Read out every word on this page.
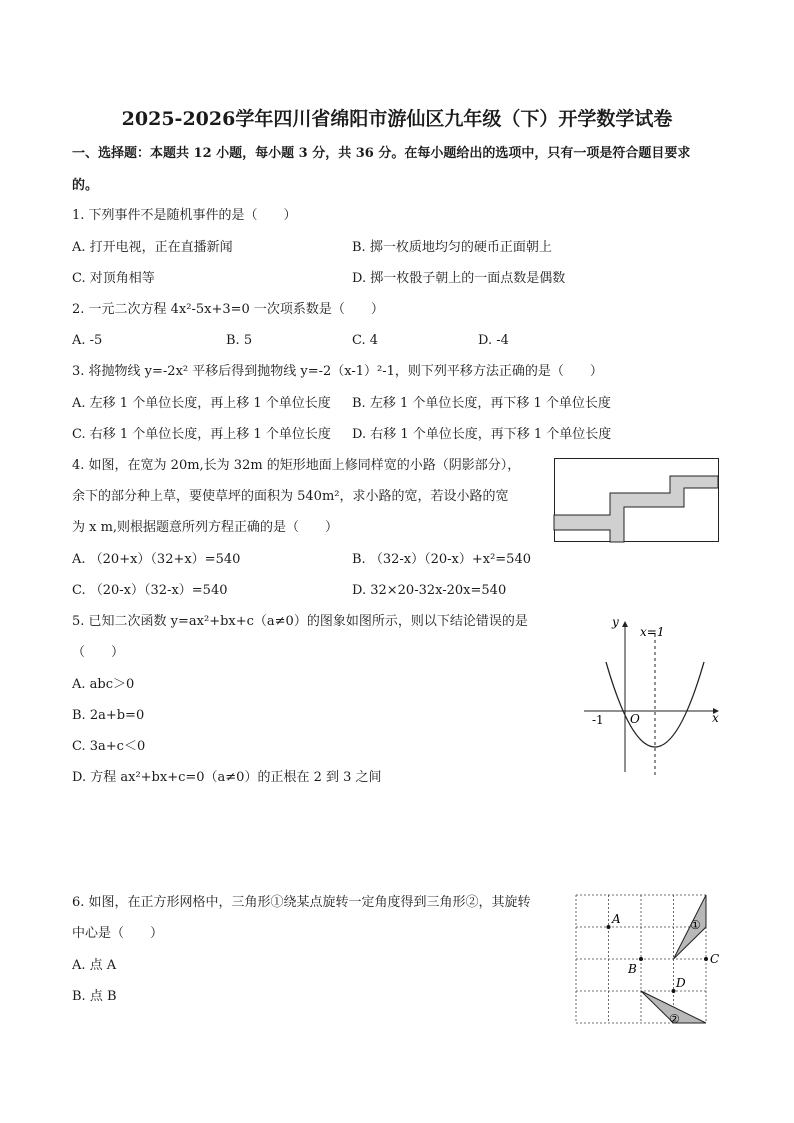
2025-2026学年四川省绵阳市游仙区九年级（下）开学数学试卷
一、选择题：本题共 12 小题，每小题 3 分，共 36 分。在每小题给出的选项中，只有一项是符合题目要求
的。
1. 下列事件不是随机事件的是（　　）
A. 打开电视，正在直播新闻	B. 掷一枚质地均匀的硬币正面朝上
C. 对顶角相等	D. 掷一枚骰子朝上的一面点数是偶数
2. 一元二次方程 4x²-5x+3=0 一次项系数是（　　）
A. -5	B. 5	C. 4	D. -4
3. 将抛物线 y=-2x² 平移后得到抛物线 y=-2（x-1）²-1，则下列平移方法正确的是（　　）
A. 左移 1 个单位长度，再上移 1 个单位长度 B. 左移 1 个单位长度，再下移 1 个单位长度
C. 右移 1 个单位长度，再上移 1 个单位长度 D. 右移 1 个单位长度，再下移 1 个单位长度
4. 如图，在宽为 20m,长为 32m 的矩形地面上修同样宽的小路（阴影部分），
余下的部分种上草，要使草坪的面积为 540m²，求小路的宽，若设小路的宽
为 x m,则根据题意所列方程正确的是（　　）
A. （20+x）（32+x）=540	B. （32-x）（20-x）+x²=540
C. （20-x）（32-x）=540	D. 32×20-32x-20x=540
5. 已知二次函数 y=ax²+bx+c（a≠0）的图象如图所示，则以下结论错误的是
（　　）
A. abc＞0
B. 2a+b=0
C. 3a+c＜0
D. 方程 ax²+bx+c=0（a≠0）的正根在 2 到 3 之间
x=1
y
x
O
-1
6. 如图，在正方形网格中，三角形①绕某点旋转一定角度得到三角形②，其旋转
中心是（　　）
A. 点 A
B. 点 B
A
B
C
D
①
②
